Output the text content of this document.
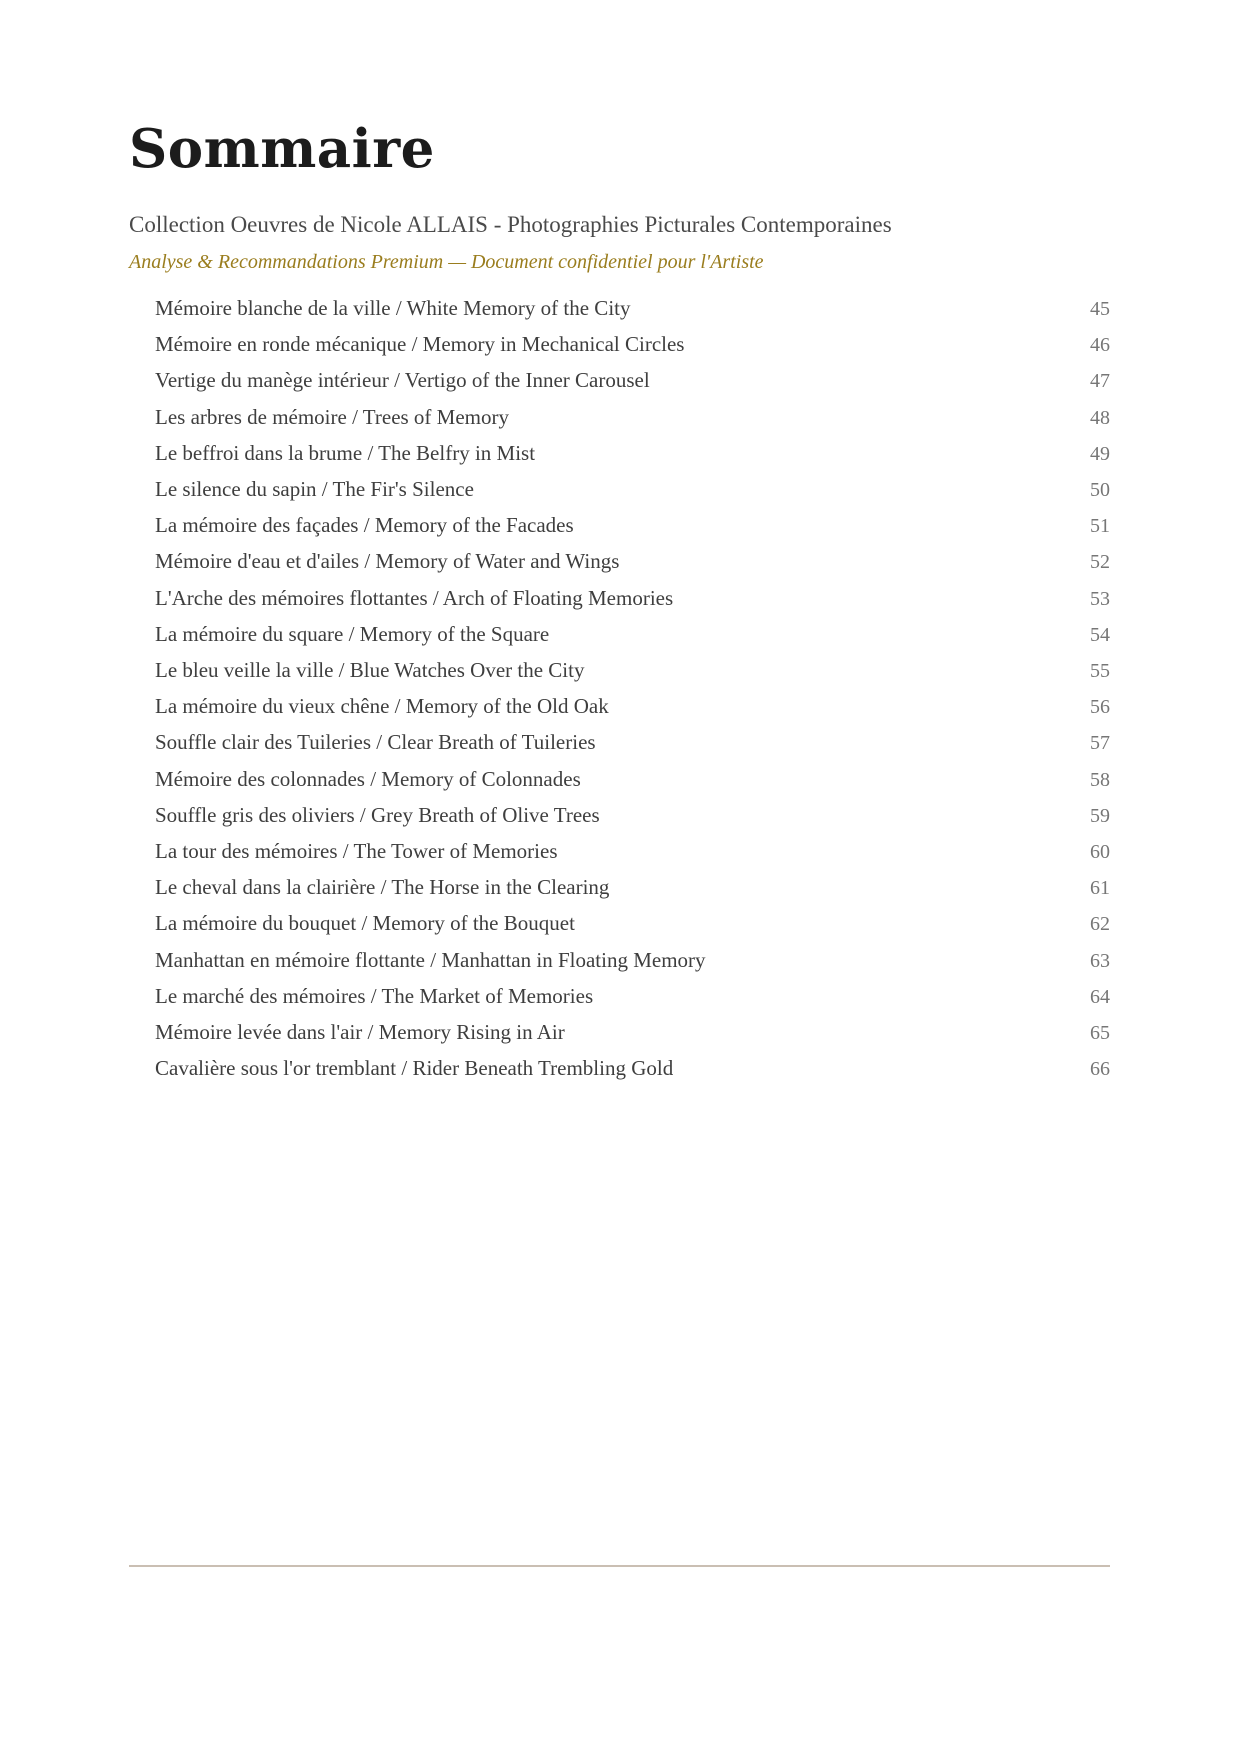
Sommaire

Collection Oeuvres de Nicole ALLAIS - Photographies Picturales Contemporaines

Analyse & Recommandations Premium — Document confidentiel pour l'Artiste

Mémoire blanche de la ville / White Memory of the City	45
Mémoire en ronde mécanique / Memory in Mechanical Circles	46
Vertige du manège intérieur / Vertigo of the Inner Carousel	47
Les arbres de mémoire / Trees of Memory	48
Le beffroi dans la brume / The Belfry in Mist	49
Le silence du sapin / The Fir's Silence	50
La mémoire des façades / Memory of the Facades	51
Mémoire d'eau et d'ailes / Memory of Water and Wings	52
L'Arche des mémoires flottantes / Arch of Floating Memories	53
La mémoire du square / Memory of the Square	54
Le bleu veille la ville / Blue Watches Over the City	55
La mémoire du vieux chêne / Memory of the Old Oak	56
Souffle clair des Tuileries / Clear Breath of Tuileries	57
Mémoire des colonnades / Memory of Colonnades	58
Souffle gris des oliviers / Grey Breath of Olive Trees	59
La tour des mémoires / The Tower of Memories	60
Le cheval dans la clairière / The Horse in the Clearing	61
La mémoire du bouquet / Memory of the Bouquet	62
Manhattan en mémoire flottante / Manhattan in Floating Memory	63
Le marché des mémoires / The Market of Memories	64
Mémoire levée dans l'air / Memory Rising in Air	65
Cavalière sous l'or tremblant / Rider Beneath Trembling Gold	66
